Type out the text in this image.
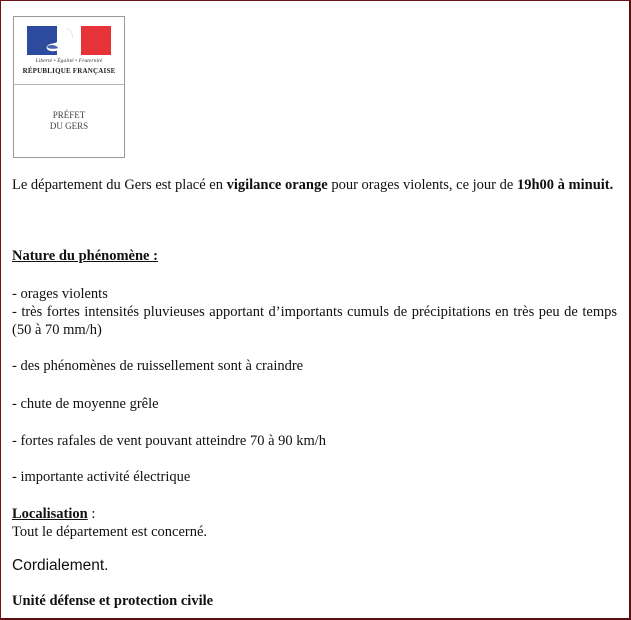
Liberté • Égalité • Fraternité
RÉPUBLIQUE FRANÇAISE
PRÉFET
DU GERS
Le département du Gers est placé en vigilance orange pour orages violents, ce jour de 19h00 à minuit.
Nature du phénomène :
- orages violents
- très fortes intensités pluvieuses apportant d’importants cumuls de précipitations en très peu de temps (50 à 70 mm/h)
- des phénomènes de ruissellement sont à craindre
- chute de moyenne grêle
- fortes rafales de vent pouvant atteindre 70 à 90 km/h
- importante activité électrique
Localisation :
Tout le département est concerné.
Cordialement.
Unité défense et protection civile
